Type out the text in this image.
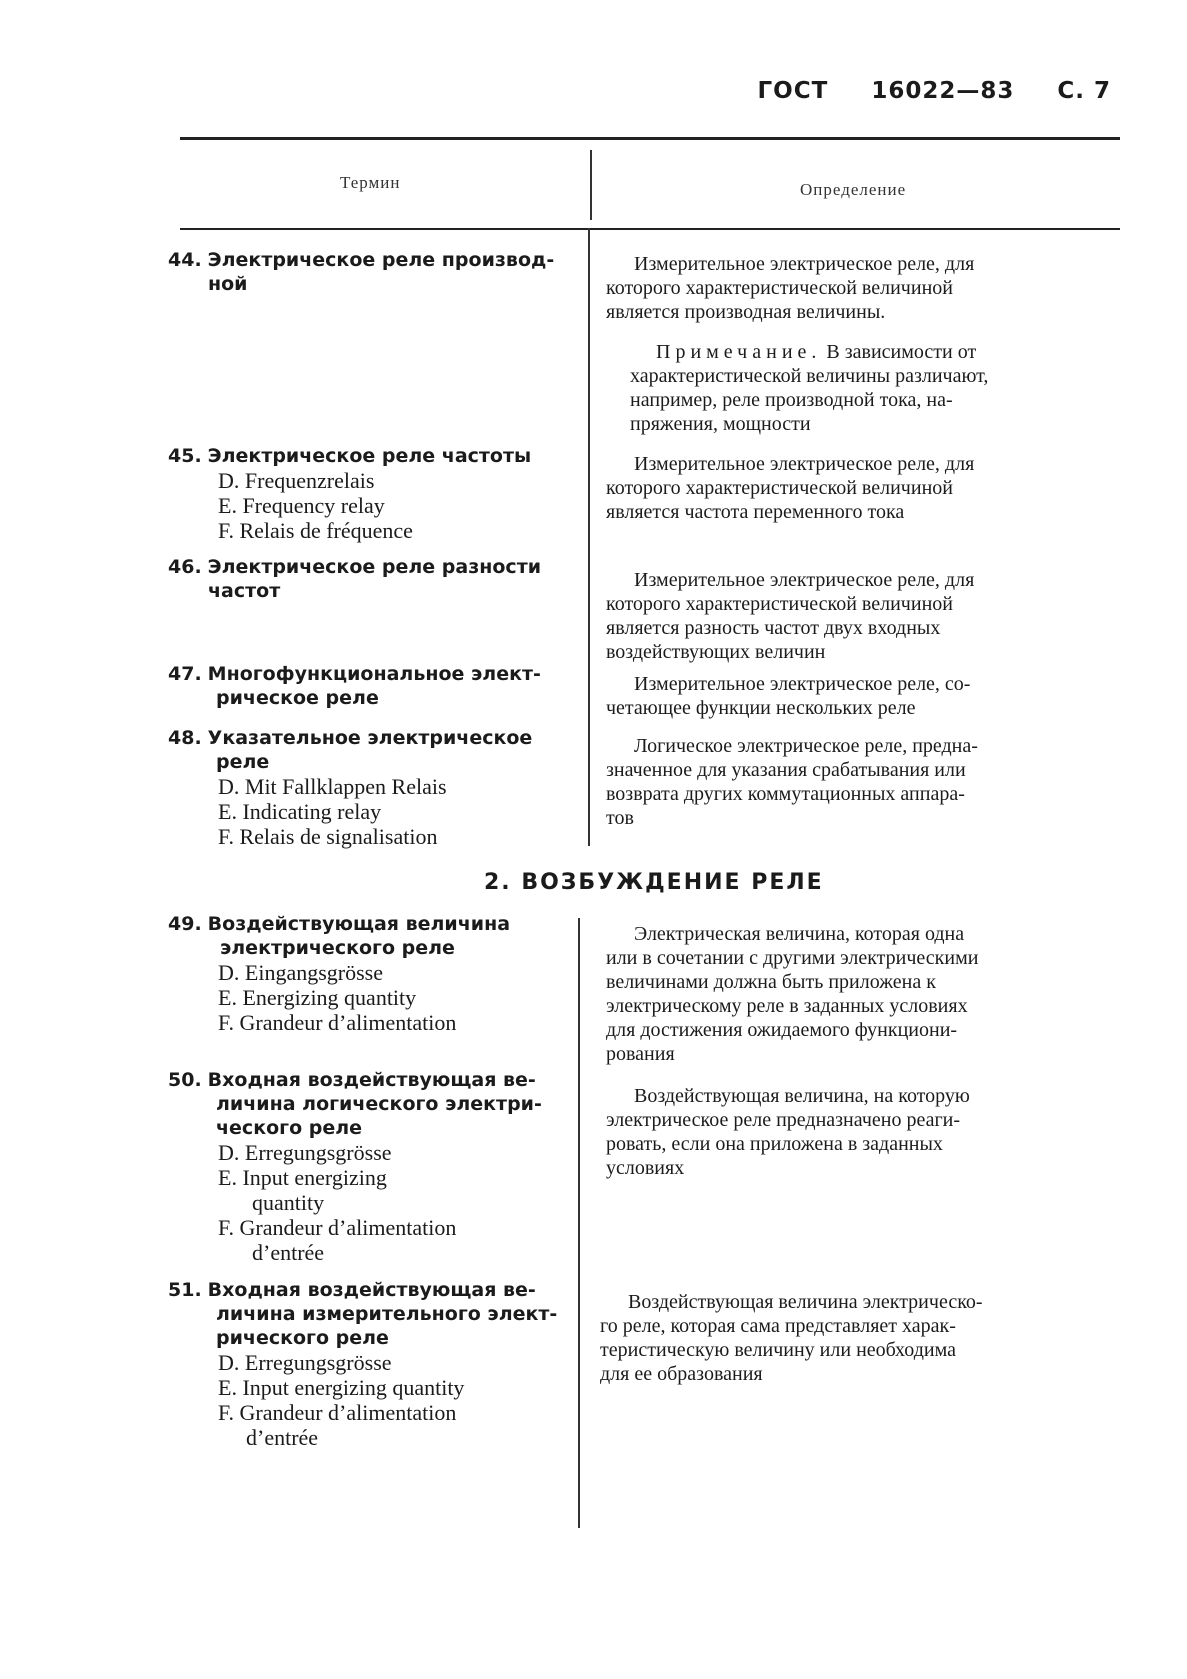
ГОСТ 16022—83 С. 7
Термин	Определение
44. Электрическое реле производ-
ной
Измерительное электрическое реле, для
которого характеристической величиной
является производная величины.
Примечание. В зависимости от
характеристической величины различают,
например, реле производной тока, на-
пряжения, мощности
45. Электрическое реле частоты
D. Frequenzrelais
E. Frequency relay
F. Relais de fréquence
Измерительное электрическое реле, для
которого характеристической величиной
является частота переменного тока
46. Электрическое реле разности
частот	Измерительное электрическое реле, для
которого характеристической величиной
является разность частот двух входных
воздействующих величин
47. Многофункциональное элект-
рическое реле
Измерительное электрическое реле, со-
четающее функции нескольких реле
48. Указательное электрическое
реле
D. Mit Fallklappen Relais
E. Indicating relay
F. Relais de signalisation
Логическое электрическое реле, предна-
значенное для указания срабатывания или
возврата других коммутационных аппара-
тов
2. ВОЗБУЖДЕНИЕ РЕЛЕ
49. Воздействующая величина
электрического реле
D. Eingangsgrösse
E. Energizing quantity
F. Grandeur d’alimentation
Электрическая величина, которая одна
или в сочетании с другими электрическими
величинами должна быть приложена к
электрическому реле в заданных условиях
для достижения ожидаемого функциони-
рования
50. Входная воздействующая ве-
личина логического электри-
ческого реле
D. Erregungsgrösse
E. Input energizing
quantity
F. Grandeur d’alimentation
d’entrée
Воздействующая величина, на которую
электрическое реле предназначено реаги-
ровать, если она приложена в заданных
условиях
51. Входная воздействующая ве-
личина измерительного элект-
рического реле
D. Erregungsgrösse
E. Input energizing quantity
F. Grandeur d’alimentation
d’entrée
Воздействующая величина электрическо-
го реле, которая сама представляет харак-
теристическую величину или необходима
для ее образования
